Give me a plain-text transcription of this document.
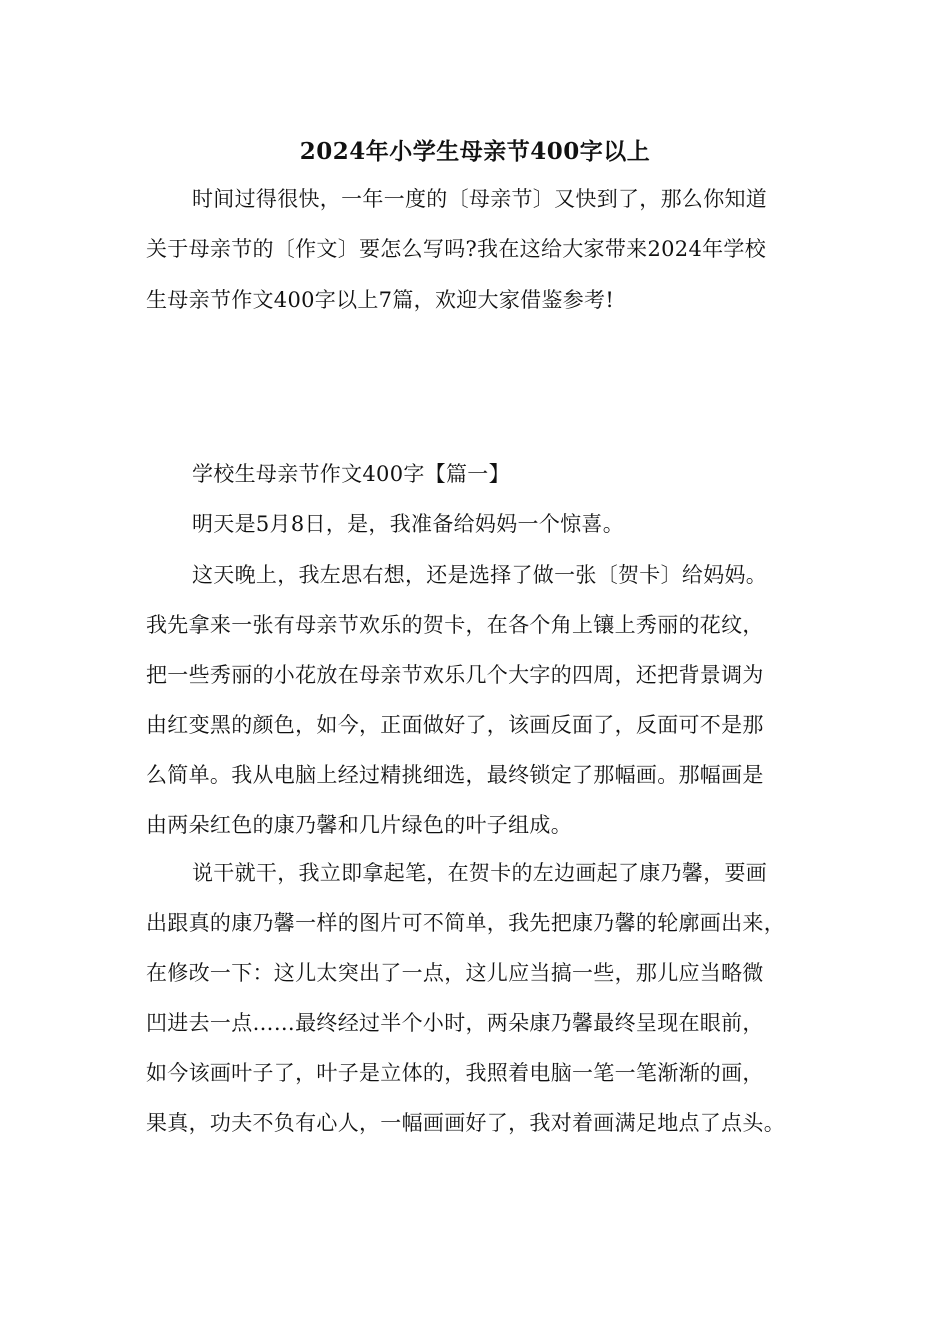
2024年小学生母亲节400字以上
时间过得很快，一年一度的〔母亲节〕又快到了，那么你知道
关于母亲节的〔作文〕要怎么写吗?我在这给大家带来2024年学校
生母亲节作文400字以上7篇，欢迎大家借鉴参考!
学校生母亲节作文400字【篇一】
明天是5月8日，是，我准备给妈妈一个惊喜。
这天晚上，我左思右想，还是选择了做一张〔贺卡〕给妈妈。
我先拿来一张有母亲节欢乐的贺卡，在各个角上镶上秀丽的花纹，
把一些秀丽的小花放在母亲节欢乐几个大字的四周，还把背景调为
由红变黑的颜色，如今，正面做好了，该画反面了，反面可不是那
么简单。我从电脑上经过精挑细选，最终锁定了那幅画。那幅画是
由两朵红色的康乃馨和几片绿色的叶子组成。
说干就干，我立即拿起笔，在贺卡的左边画起了康乃馨，要画
出跟真的康乃馨一样的图片可不简单，我先把康乃馨的轮廓画出来，
在修改一下：这儿太突出了一点，这儿应当搞一些，那儿应当略微
凹进去一点……最终经过半个小时，两朵康乃馨最终呈现在眼前，
如今该画叶子了，叶子是立体的，我照着电脑一笔一笔渐渐的画，
果真，功夫不负有心人，一幅画画好了，我对着画满足地点了点头。
